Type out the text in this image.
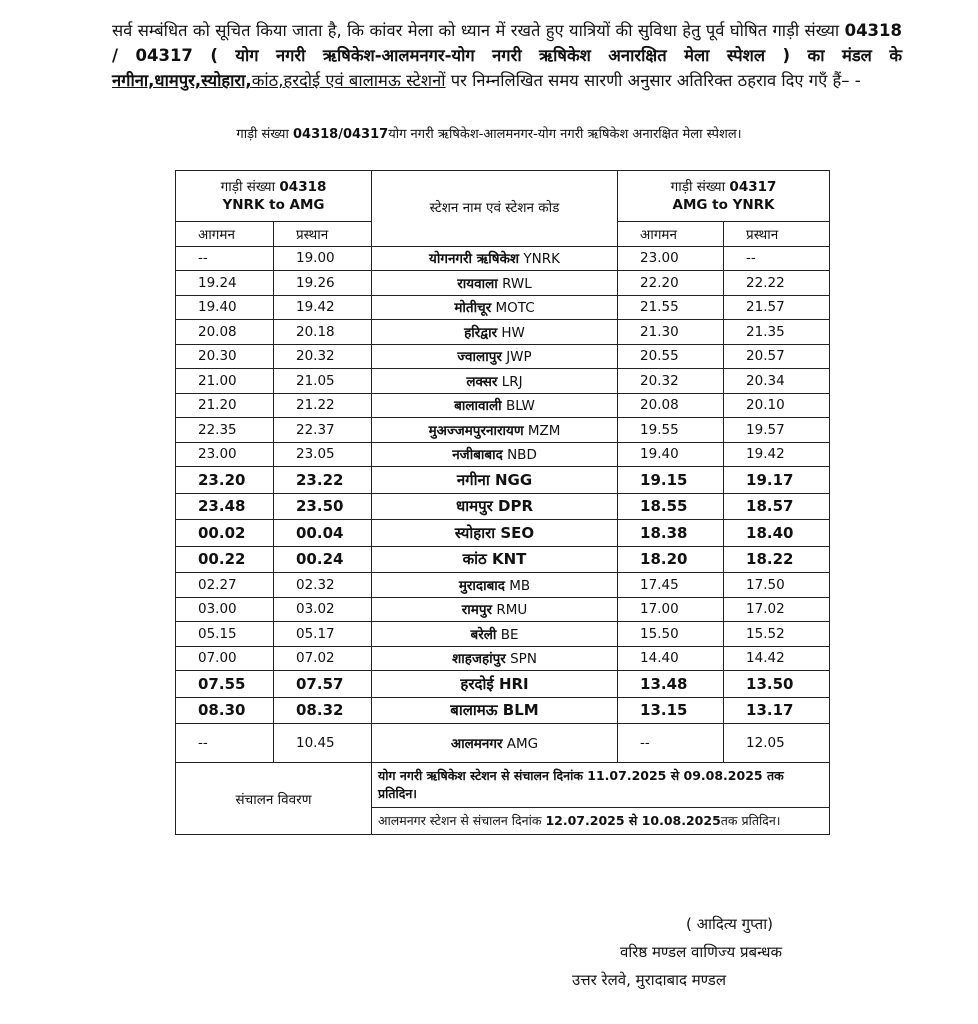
सर्व सम्बंधित को सूचित किया जाता है, कि कांवर मेला को ध्यान में रखते हुए यात्रियों की सुविधा हेतु पूर्व घोषित गाड़ी संख्या 04318 / 04317 ( योग नगरी ऋषिकेश-आलमनगर-योग नगरी ऋषिकेश अनारक्षित मेला स्पेशल ) का मंडल के नगीना,धामपुर,स्योहारा,कांठ,हरदोई एवं बालामऊ स्टेशनों पर निम्नलिखित समय सारणी अनुसार अतिरिक्त ठहराव दिए गएँ हैं– -

गाड़ी संख्या 04318/04317योग नगरी ऋषिकेश-आलमनगर-योग नगरी ऋषिकेश अनारक्षित मेला स्पेशल।
गाड़ी संख्या 04318
YNRK to AMG		स्टेशन नाम एवं स्टेशन कोड	गाड़ी संख्या 04317
AMG to YNRK	
आगमन	प्रस्थान		आगमन	प्रस्थान
--	19.00	योगनगरी ऋषिकेश YNRK	23.00	--
19.24	19.26	रायवाला RWL	22.20	22.22
19.40	19.42	मोतीचूर MOTC	21.55	21.57
20.08	20.18	हरिद्वार HW	21.30	21.35
20.30	20.32	ज्वालापुर JWP	20.55	20.57
21.00	21.05	लक्सर LRJ	20.32	20.34
21.20	21.22	बालावाली BLW	20.08	20.10
22.35	22.37	मुअज्जमपुरनारायण MZM	19.55	19.57
23.00	23.05	नजीबाबाद NBD	19.40	19.42
23.20	23.22	नगीना NGG	19.15	19.17
23.48	23.50	धामपुर DPR	18.55	18.57
00.02	00.04	स्योहारा SEO	18.38	18.40
00.22	00.24	कांठ KNT	18.20	18.22
02.27	02.32	मुरादाबाद MB	17.45	17.50
03.00	03.02	रामपुर RMU	17.00	17.02
05.15	05.17	बरेली BE	15.50	15.52
07.00	07.02	शाहजहांपुर SPN	14.40	14.42
07.55	07.57	हरदोई HRI	13.48	13.50
08.30	08.32	बालामऊ BLM	13.15	13.17
--	10.45	आलमनगर AMG	--	12.05
संचालन विवरण		योग नगरी ऋषिकेश स्टेशन से संचालन दिनांक 11.07.2025 से 09.08.2025 तक प्रतिदिन।		
		आलमनगर स्टेशन से संचालन दिनांक 12.07.2025 से 10.08.2025तक प्रतिदिन।		
( आदित्य गुप्ता)
वरिष्ठ मण्डल वाणिज्य प्रबन्धक
उत्तर रेलवे, मुरादाबाद मण्डल
